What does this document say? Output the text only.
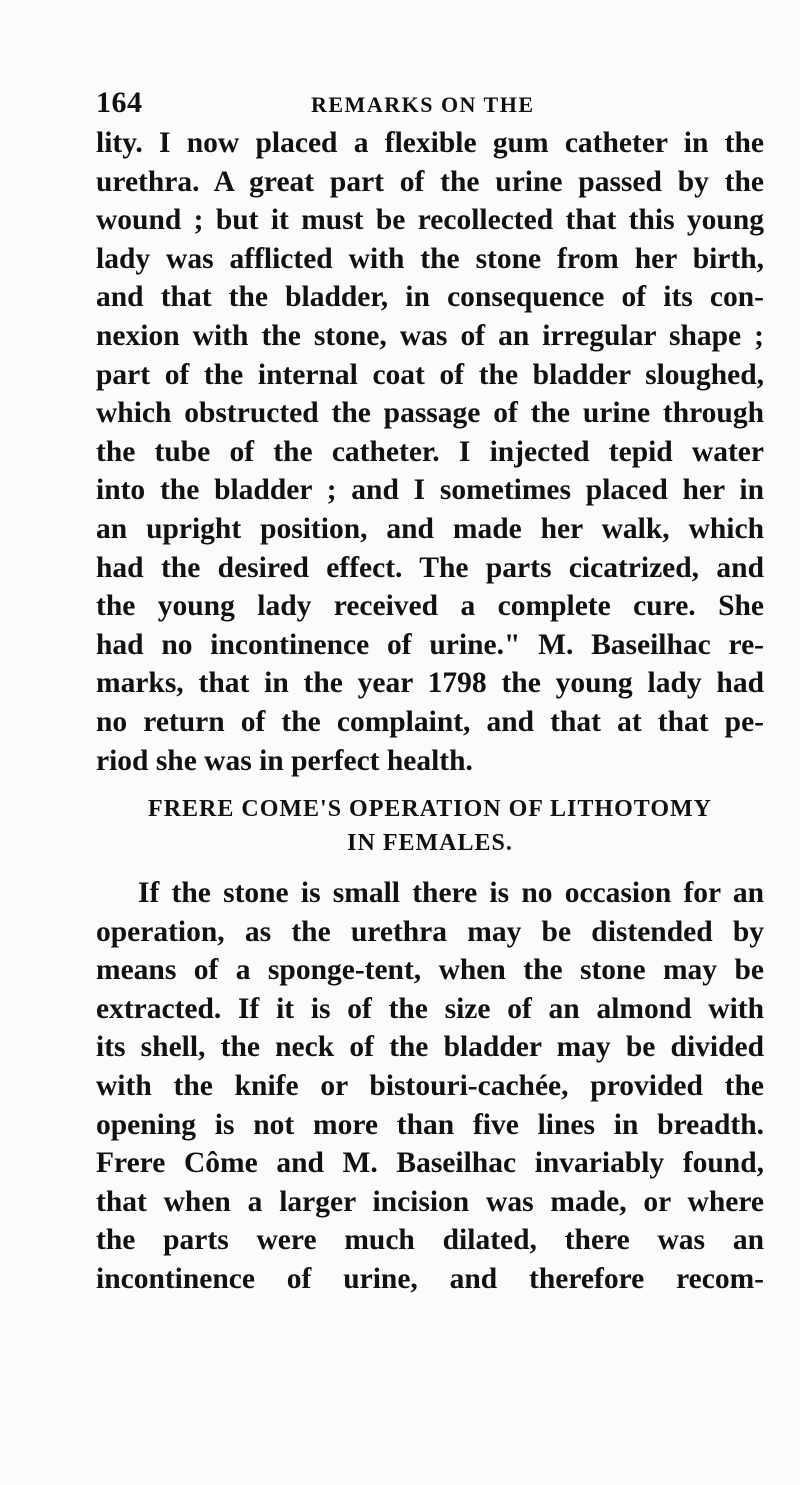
164	REMARKS ON THE
lity. I now placed a flexible gum catheter in the
urethra. A great part of the urine passed by the
wound ; but it must be recollected that this young
lady was afflicted with the stone from her birth,
and that the bladder, in consequence of its con-
nexion with the stone, was of an irregular shape ;
part of the internal coat of the bladder sloughed,
which obstructed the passage of the urine through
the tube of the catheter. I injected tepid water
into the bladder ; and I sometimes placed her in
an upright position, and made her walk, which
had the desired effect. The parts cicatrized, and
the young lady received a complete cure. She
had no incontinence of urine." M. Baseilhac re-
marks, that in the year 1798 the young lady had
no return of the complaint, and that at that pe-
riod she was in perfect health.
FRERE COME'S OPERATION OF LITHOTOMY
IN FEMALES.
If the stone is small there is no occasion for an
operation, as the urethra may be distended by
means of a sponge-tent, when the stone may be
extracted. If it is of the size of an almond with
its shell, the neck of the bladder may be divided
with the knife or bistouri-cachée, provided the
opening is not more than five lines in breadth.
Frere Côme and M. Baseilhac invariably found,
that when a larger incision was made, or where
the parts were much dilated, there was an
incontinence of urine, and therefore recom-
